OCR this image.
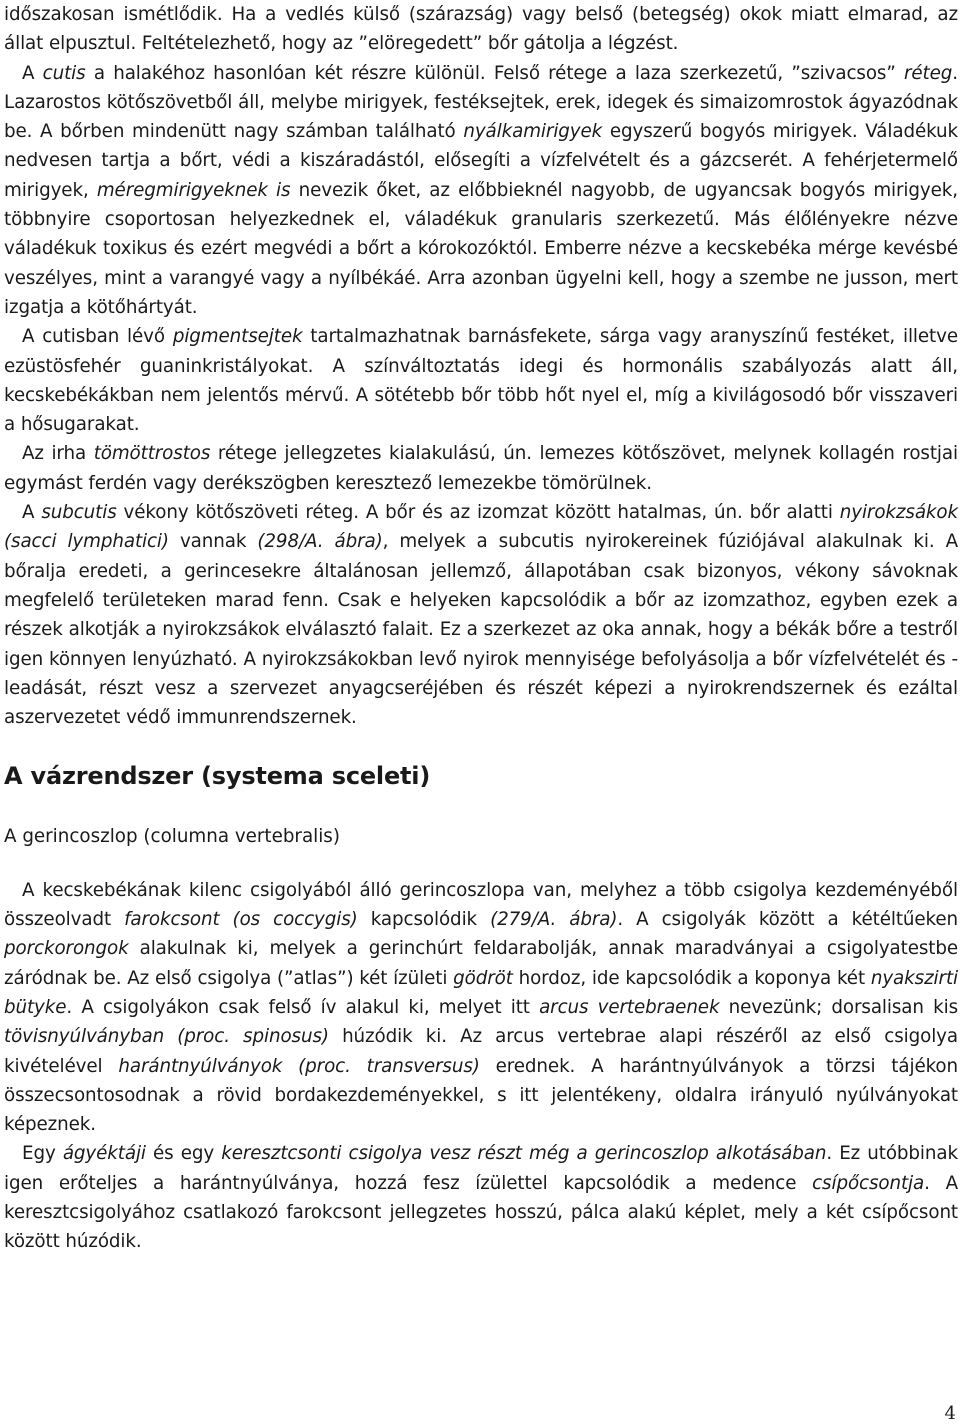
időszakosan ismétlődik. Ha a vedlés külső (szárazság) vagy belső (betegség) okok miatt elmarad, az állat elpusztul. Feltételezhető, hogy az ”elöregedett” bőr gátolja a légzést.

A cutis a halakéhoz hasonlóan két részre különül. Felső rétege a laza szerkezetű, ”szivacsos” réteg. Lazarostos kötőszövetből áll, melybe mirigyek, festéksejtek, erek, idegek és simaizomrostok ágyazódnak be. A bőrben mindenütt nagy számban található nyálkamirigyek egyszerű bogyós mirigyek. Váladékuk nedvesen tartja a bőrt, védi a kiszáradástól, elősegíti a vízfelvételt és a gázcserét. A fehérjetermelő mirigyek, méregmirigyeknek is nevezik őket, az előbbieknél nagyobb, de ugyancsak bogyós mirigyek, többnyire csoportosan helyezkednek el, váladékuk granularis szerkezetű. Más élőlényekre nézve váladékuk toxikus és ezért megvédi a bőrt a kórokozóktól. Emberre nézve a kecskebéka mérge kevésbé veszélyes, mint a varangyé vagy a nyílbékáé. Arra azonban ügyelni kell, hogy a szembe ne jusson, mert izgatja a kötőhártyát.

A cutisban lévő pigmentsejtek tartalmazhatnak barnásfekete, sárga vagy aranyszínű festéket, illetve ezüstösfehér guaninkristályokat. A színváltoztatás idegi és hormonális szabályozás alatt áll, kecskebékákban nem jelentős mérvű. A sötétebb bőr több hőt nyel el, míg a kivilágosodó bőr visszaveri a hősugarakat.

Az irha tömöttrostos rétege jellegzetes kialakulású, ún. lemezes kötőszövet, melynek kollagén rostjai egymást ferdén vagy derékszögben keresztező lemezekbe tömörülnek.

A subcutis vékony kötőszöveti réteg. A bőr és az izomzat között hatalmas, ún. bőr alatti nyirokzsákok (sacci lymphatici) vannak (298/A. ábra), melyek a subcutis nyirokereinek fúziójával alakulnak ki. A bőralja eredeti, a gerincesekre általánosan jellemző, állapotában csak bizonyos, vékony sávoknak megfelelő területeken marad fenn. Csak e helyeken kapcsolódik a bőr az izomzathoz, egyben ezek a részek alkotják a nyirokzsákok elválasztó falait. Ez a szerkezet az oka annak, hogy a békák bőre a testről igen könnyen lenyúzható. A nyirokzsákokban levő nyirok mennyisége befolyásolja a bőr vízfelvételét és -leadását, részt vesz a szervezet anyagcseréjében és részét képezi a nyirokrendszernek és ezáltal aszervezetet védő immunrendszernek.

A vázrendszer (systema sceleti)
A gerincoszlop (columna vertebralis)

A kecskebékának kilenc csigolyából álló gerincoszlopa van, melyhez a több csigolya kezdeményéből összeolvadt farokcsont (os coccygis) kapcsolódik (279/A. ábra). A csigolyák között a kétéltűeken porckorongok alakulnak ki, melyek a gerinchúrt feldarabolják, annak maradványai a csigolyatestbe záródnak be. Az első csigolya (”atlas”) két ízületi gödröt hordoz, ide kapcsolódik a koponya két nyakszirti bütyke. A csigolyákon csak felső ív alakul ki, melyet itt arcus vertebraenek nevezünk; dorsalisan kis tövisnyúlványban (proc. spinosus) húzódik ki. Az arcus vertebrae alapi részéről az első csigolya kivételével harántnyúlványok (proc. transversus) erednek. A harántnyúlványok a törzsi tájékon összecsontosodnak a rövid bordakezdeményekkel, s itt jelentékeny, oldalra irányuló nyúlványokat képeznek.

Egy ágyéktáji és egy keresztcsonti csigolya vesz részt még a gerincoszlop alkotásában. Ez utóbbinak igen erőteljes a harántnyúlványa, hozzá fesz ízülettel kapcsolódik a medence csípőcsontja. A keresztcsigolyához csatlakozó farokcsont jellegzetes hosszú, pálca alakú képlet, mely a két csípőcsont között húzódik.

4
